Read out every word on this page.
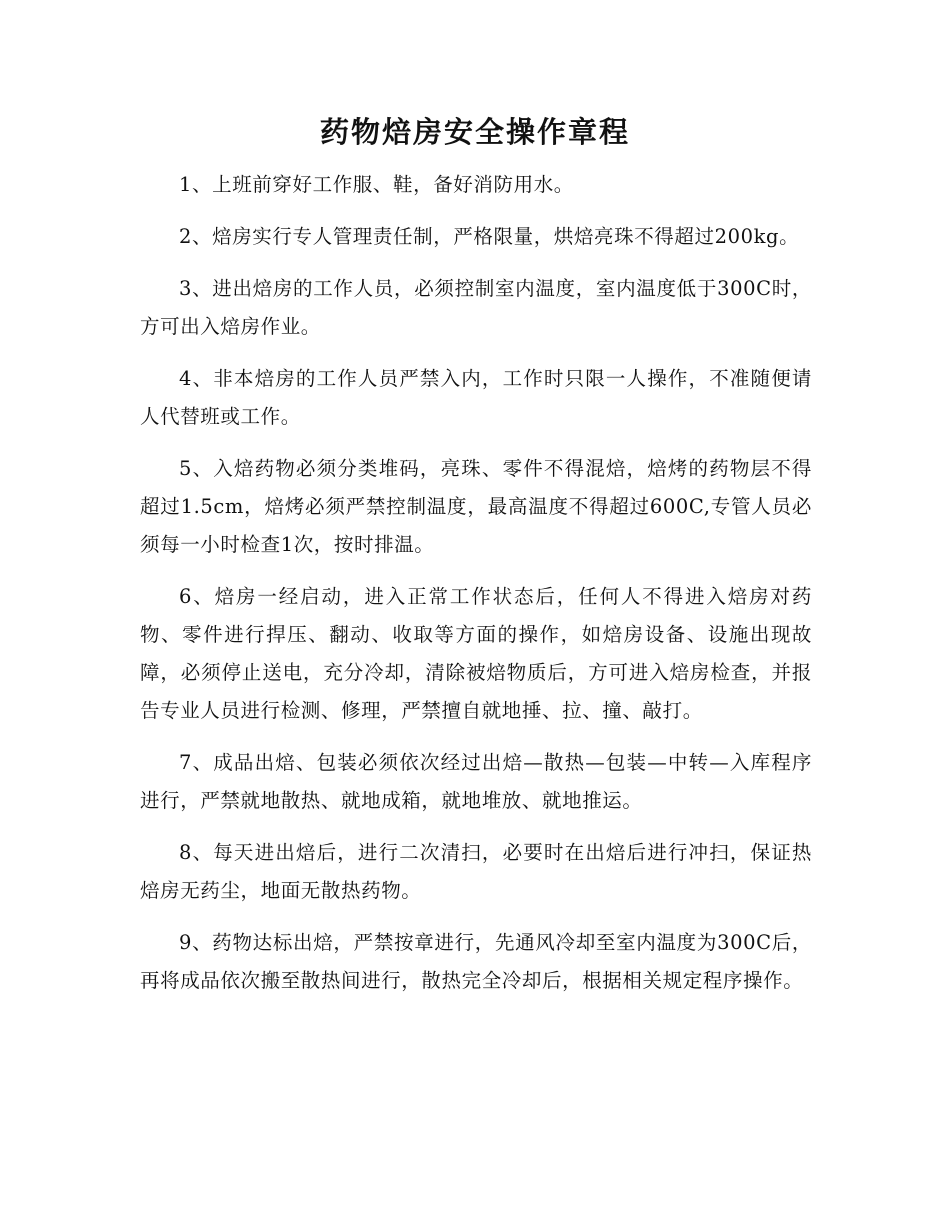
药物焙房安全操作章程

1、上班前穿好工作服、鞋，备好消防用水。

2、焙房实行专人管理责任制，严格限量，烘焙亮珠不得超过200kg。

3、进出焙房的工作人员，必须控制室内温度，室内温度低于300C时，方可出入焙房作业。

4、非本焙房的工作人员严禁入内，工作时只限一人操作，不准随便请人代替班或工作。

5、入焙药物必须分类堆码，亮珠、零件不得混焙，焙烤的药物层不得超过1.5cm，焙烤必须严禁控制温度，最高温度不得超过600C,专管人员必须每一小时检查1次，按时排温。

6、焙房一经启动，进入正常工作状态后，任何人不得进入焙房对药物、零件进行捍压、翻动、收取等方面的操作，如焙房设备、设施出现故障，必须停止送电，充分冷却，清除被焙物质后，方可进入焙房检查，并报告专业人员进行检测、修理，严禁擅自就地捶、拉、撞、敲打。

7、成品出焙、包装必须依次经过出焙—散热—包装—中转—入库程序进行，严禁就地散热、就地成箱，就地堆放、就地推运。

8、每天进出焙后，进行二次清扫，必要时在出焙后进行冲扫，保证热焙房无药尘，地面无散热药物。

9、药物达标出焙，严禁按章进行，先通风冷却至室内温度为300C后，再将成品依次搬至散热间进行，散热完全冷却后，根据相关规定程序操作。
